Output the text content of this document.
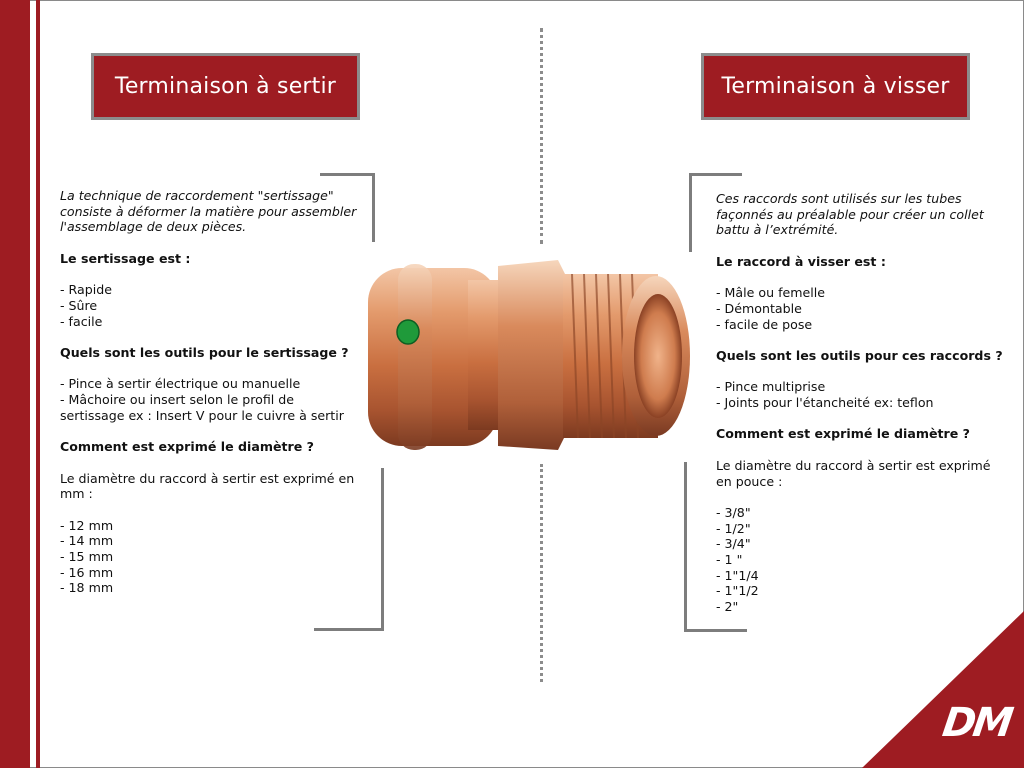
Terminaison à sertir	Terminaison à visser

La technique de raccordement "sertissage" consiste à déformer la matière pour assembler l'assemblage de deux pièces.

Le sertissage est :

- Rapide
- Sûre
- facile

Quels sont les outils pour le sertissage ?

- Pince à sertir électrique ou manuelle
- Mâchoire ou insert selon le profil de sertissage ex : Insert V pour le cuivre à sertir

Comment est exprimé le diamètre ?

Le diamètre du raccord à sertir est exprimé en mm :

- 12 mm
- 14 mm
- 15 mm
- 16 mm
- 18 mm

Ces raccords sont utilisés sur les tubes façonnés au préalable pour créer un collet battu à l’extrémité.

Le raccord à visser est :

- Mâle ou femelle
- Démontable
- facile de pose

Quels sont les outils pour ces raccords ?

- Pince multiprise
- Joints pour l'étancheité ex: teflon

Comment est exprimé le diamètre ?

Le diamètre du raccord à sertir est exprimé en pouce :

- 3/8"
- 1/2"
- 3/4"
- 1 "
- 1"1/4
- 1"1/2
- 2"
DM
